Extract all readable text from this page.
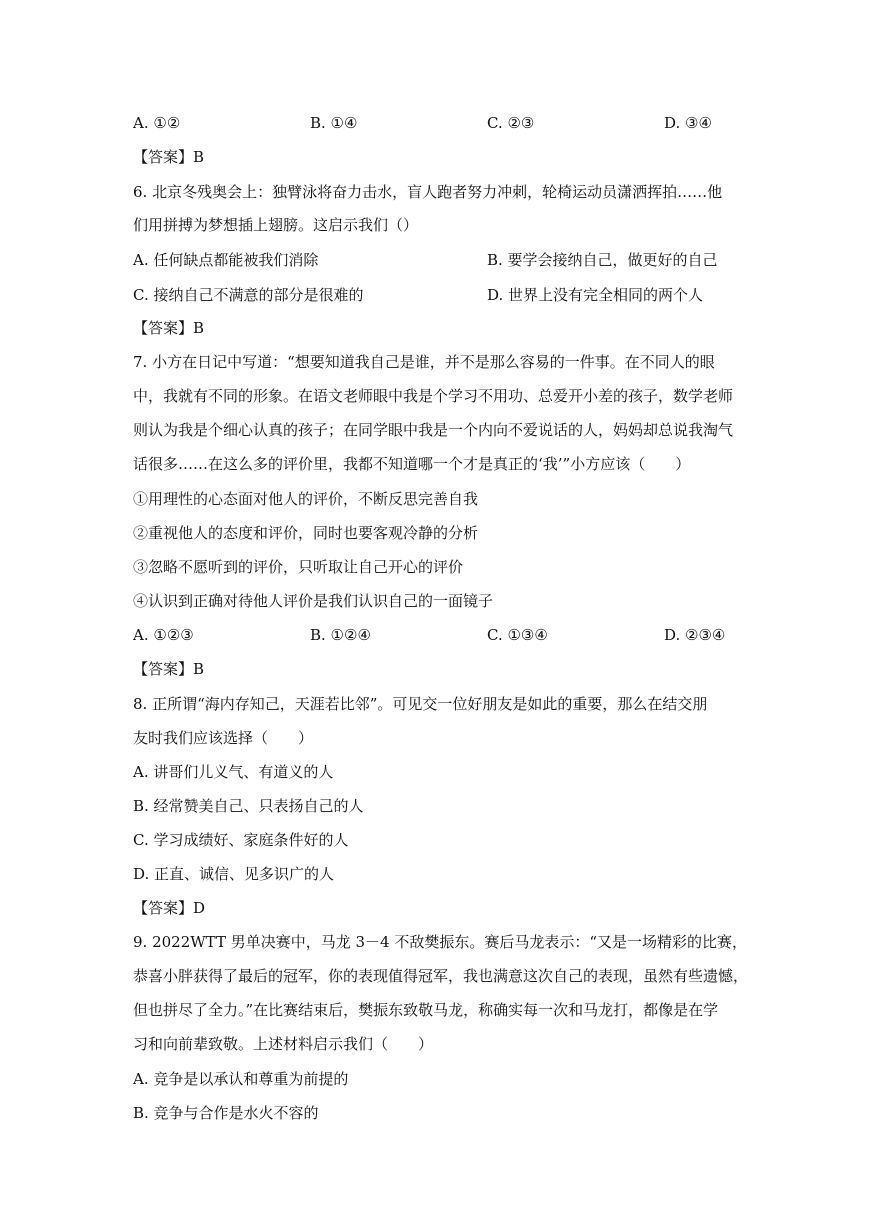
A. ①②	B. ①④	C. ②③	D. ③④
【答案】B
6. 北京冬残奥会上：独臂泳将奋力击水，盲人跑者努力冲刺，轮椅运动员潇洒挥拍……他
们用拼搏为梦想插上翅膀。这启示我们（）
A. 任何缺点都能被我们消除	B. 要学会接纳自己，做更好的自己
C. 接纳自己不满意的部分是很难的	D. 世界上没有完全相同的两个人
【答案】B
7. 小方在日记中写道：“想要知道我自己是谁，并不是那么容易的一件事。在不同人的眼
中，我就有不同的形象。在语文老师眼中我是个学习不用功、总爱开小差的孩子，数学老师
则认为我是个细心认真的孩子；在同学眼中我是一个内向不爱说话的人，妈妈却总说我淘气
话很多……在这么多的评价里，我都不知道哪一个才是真正的‘我’”小方应该（　　）
①用理性的心态面对他人的评价，不断反思完善自我
②重视他人的态度和评价，同时也要客观冷静的分析
③忽略不愿听到的评价，只听取让自己开心的评价
④认识到正确对待他人评价是我们认识自己的一面镜子
A. ①②③	B. ①②④	C. ①③④	D. ②③④
【答案】B
8. 正所谓“海内存知己，天涯若比邻”。可见交一位好朋友是如此的重要，那么在结交朋
友时我们应该选择（　　）
A. 讲哥们儿义气、有道义的人
B. 经常赞美自己、只表扬自己的人
C. 学习成绩好、家庭条件好的人
D. 正直、诚信、见多识广的人
【答案】D
9. 2022WTT 男单决赛中，马龙 3－4 不敌樊振东。赛后马龙表示：“又是一场精彩的比赛，
恭喜小胖获得了最后的冠军，你的表现值得冠军，我也满意这次自己的表现，虽然有些遗憾，
但也拼尽了全力。”在比赛结束后，樊振东致敬马龙，称确实每一次和马龙打，都像是在学
习和向前辈致敬。上述材料启示我们（　　）
A. 竞争是以承认和尊重为前提的
B. 竞争与合作是水火不容的
